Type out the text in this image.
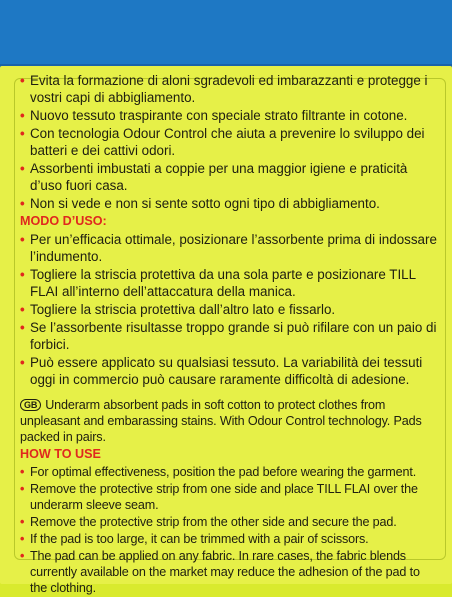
• Evita la formazione di aloni sgradevoli ed imbarazzanti e protegge i vostri capi di abbigliamento.
• Nuovo tessuto traspirante con speciale strato filtrante in cotone.
• Con tecnologia Odour Control che aiuta a prevenire lo sviluppo dei batteri e dei cattivi odori.
• Assorbenti imbustati a coppie per una maggior igiene e praticità d’uso fuori casa.
• Non si vede e non si sente sotto ogni tipo di abbigliamento.
MODO D’USO:
• Per un’efficacia ottimale, posizionare l’assorbente prima di indossare l’indumento.
• Togliere la striscia protettiva da una sola parte e posizionare TILL FLAI all’interno dell’attaccatura della manica.
• Togliere la striscia protettiva dall’altro lato e fissarlo.
• Se l’assorbente risultasse troppo grande si può rifilare con un paio di forbici.
• Può essere applicato su qualsiasi tessuto. La variabilità dei tessuti oggi in commercio può causare raramente difficoltà di adesione.
GB Underarm absorbent pads in soft cotton to protect clothes from unpleasant and embarassing stains. With Odour Control technology. Pads packed in pairs.
HOW TO USE
• For optimal effectiveness, position the pad before wearing the garment.
• Remove the protective strip from one side and place TILL FLAI over the underarm sleeve seam.
• Remove the protective strip from the other side and secure the pad.
• If the pad is too large, it can be trimmed with a pair of scissors.
• The pad can be applied on any fabric. In rare cases, the fabric blends currently available on the market may reduce the adhesion of the pad to the clothing.
